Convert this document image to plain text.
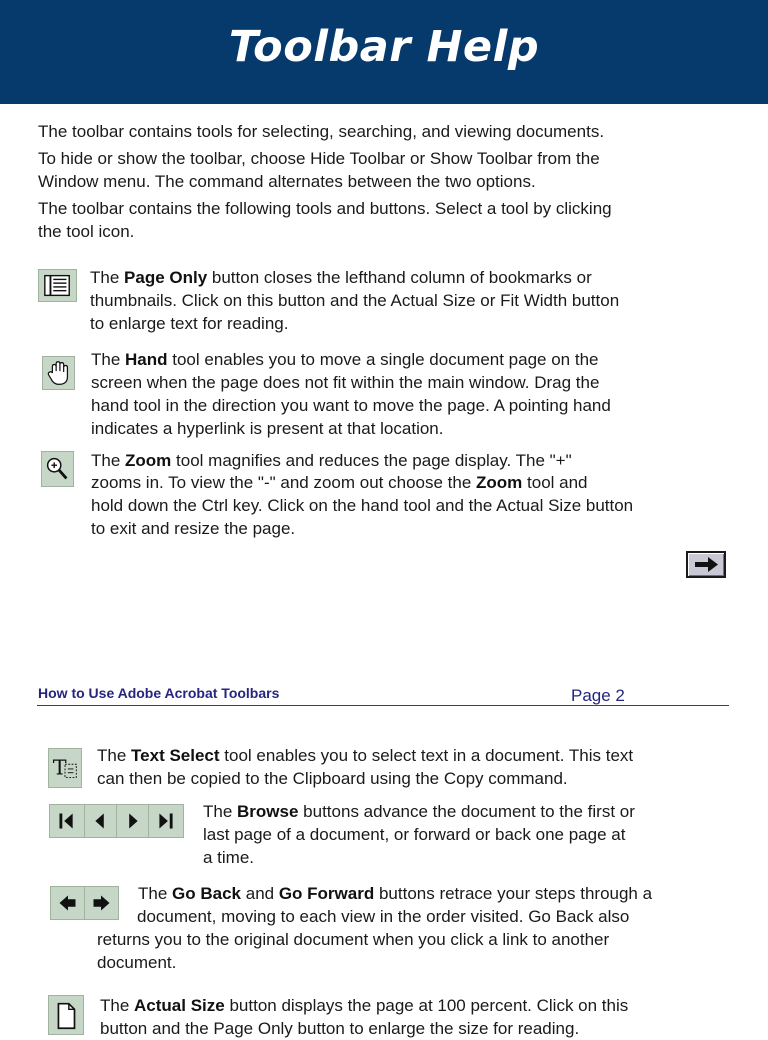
Toolbar Help
The toolbar contains tools for selecting, searching, and viewing documents.
To hide or show the toolbar, choose Hide Toolbar or Show Toolbar from the
Window menu. The command alternates between the two options.
The toolbar contains the following tools and buttons. Select a tool by clicking
the tool icon.
The Page Only button closes the lefthand column of bookmarks or
thumbnails. Click on this button and the Actual Size or Fit Width button
to enlarge text for reading.
The Hand tool enables you to move a single document page on the
screen when the page does not fit within the main window. Drag the
hand tool in the direction you want to move the page. A pointing hand
indicates a hyperlink is present at that location.
The Zoom tool magnifies and reduces the page display. The "+"
zooms in. To view the "-" and zoom out choose the Zoom tool and
hold down the Ctrl key. Click on the hand tool and the Actual Size button
to exit and resize the page.
How to Use Adobe Acrobat Toolbars	Page 2
T
The Text Select tool enables you to select text in a document. This text
can then be copied to the Clipboard using the Copy command.
The Browse buttons advance the document to the first or
last page of a document, or forward or back one page at
a time.
The Go Back and Go Forward buttons retrace your steps through a
document, moving to each view in the order visited. Go Back also
returns you to the original document when you click a link to another
document.
The Actual Size button displays the page at 100 percent. Click on this
button and the Page Only button to enlarge the size for reading.
